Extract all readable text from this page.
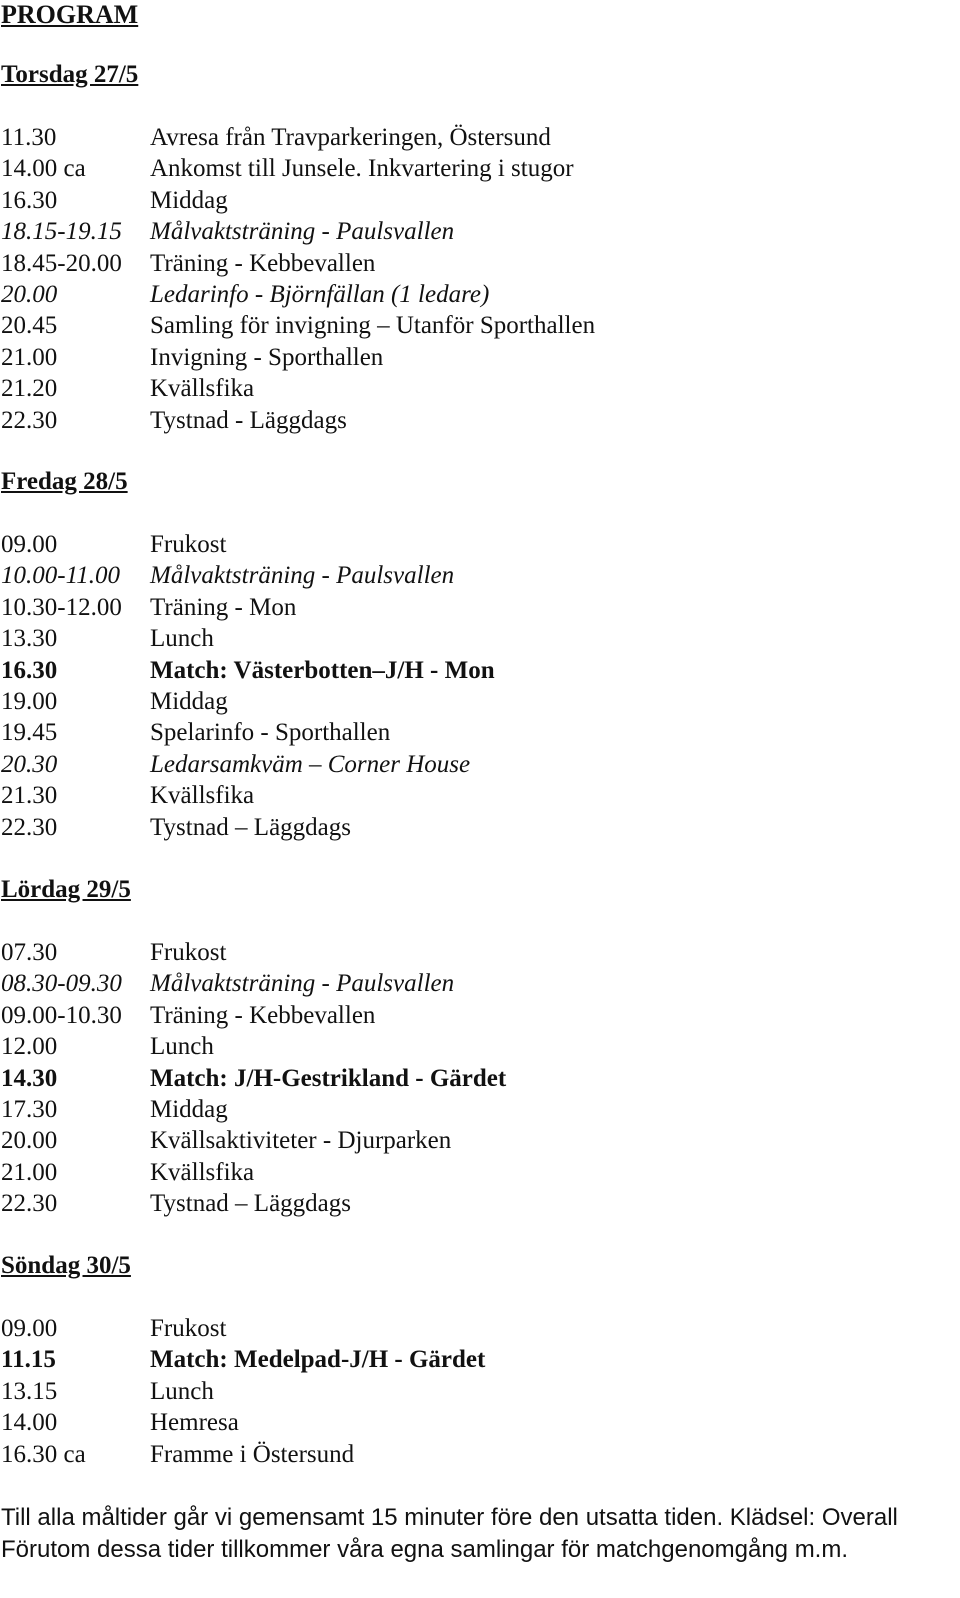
PROGRAM
Torsdag 27/5
11.30	Avresa från Travparkeringen, Östersund
14.00 ca	Ankomst till Junsele. Inkvartering i stugor
16.30	Middag
18.15-19.15 Målvaktsträning - Paulsvallen
18.45-20.00 Träning - Kebbevallen
20.00	Ledarinfo - Björnfällan (1 ledare)
20.45	Samling för invigning – Utanför Sporthallen
21.00	Invigning - Sporthallen
21.20	Kvällsfika
22.30	Tystnad - Läggdags
Fredag 28/5
09.00	Frukost
10.00-11.00 Målvaktsträning - Paulsvallen
10.30-12.00 Träning - Mon
13.30	Lunch
16.30	Match: Västerbotten–J/H - Mon
19.00	Middag
19.45	Spelarinfo - Sporthallen
20.30	Ledarsamkväm – Corner House
21.30	Kvällsfika
22.30	Tystnad – Läggdags
Lördag 29/5
07.30	Frukost
08.30-09.30 Målvaktsträning - Paulsvallen
09.00-10.30 Träning - Kebbevallen
12.00	Lunch
14.30	Match: J/H-Gestrikland - Gärdet
17.30	Middag
20.00	Kvällsaktiviteter - Djurparken
21.00	Kvällsfika
22.30	Tystnad – Läggdags
Söndag 30/5
09.00	Frukost
11.15	Match: Medelpad-J/H - Gärdet
13.15	Lunch
14.00	Hemresa
16.30 ca	Framme i Östersund
Till alla måltider går vi gemensamt 15 minuter före den utsatta tiden. Klädsel: Overall
Förutom dessa tider tillkommer våra egna samlingar för matchgenomgång m.m.
